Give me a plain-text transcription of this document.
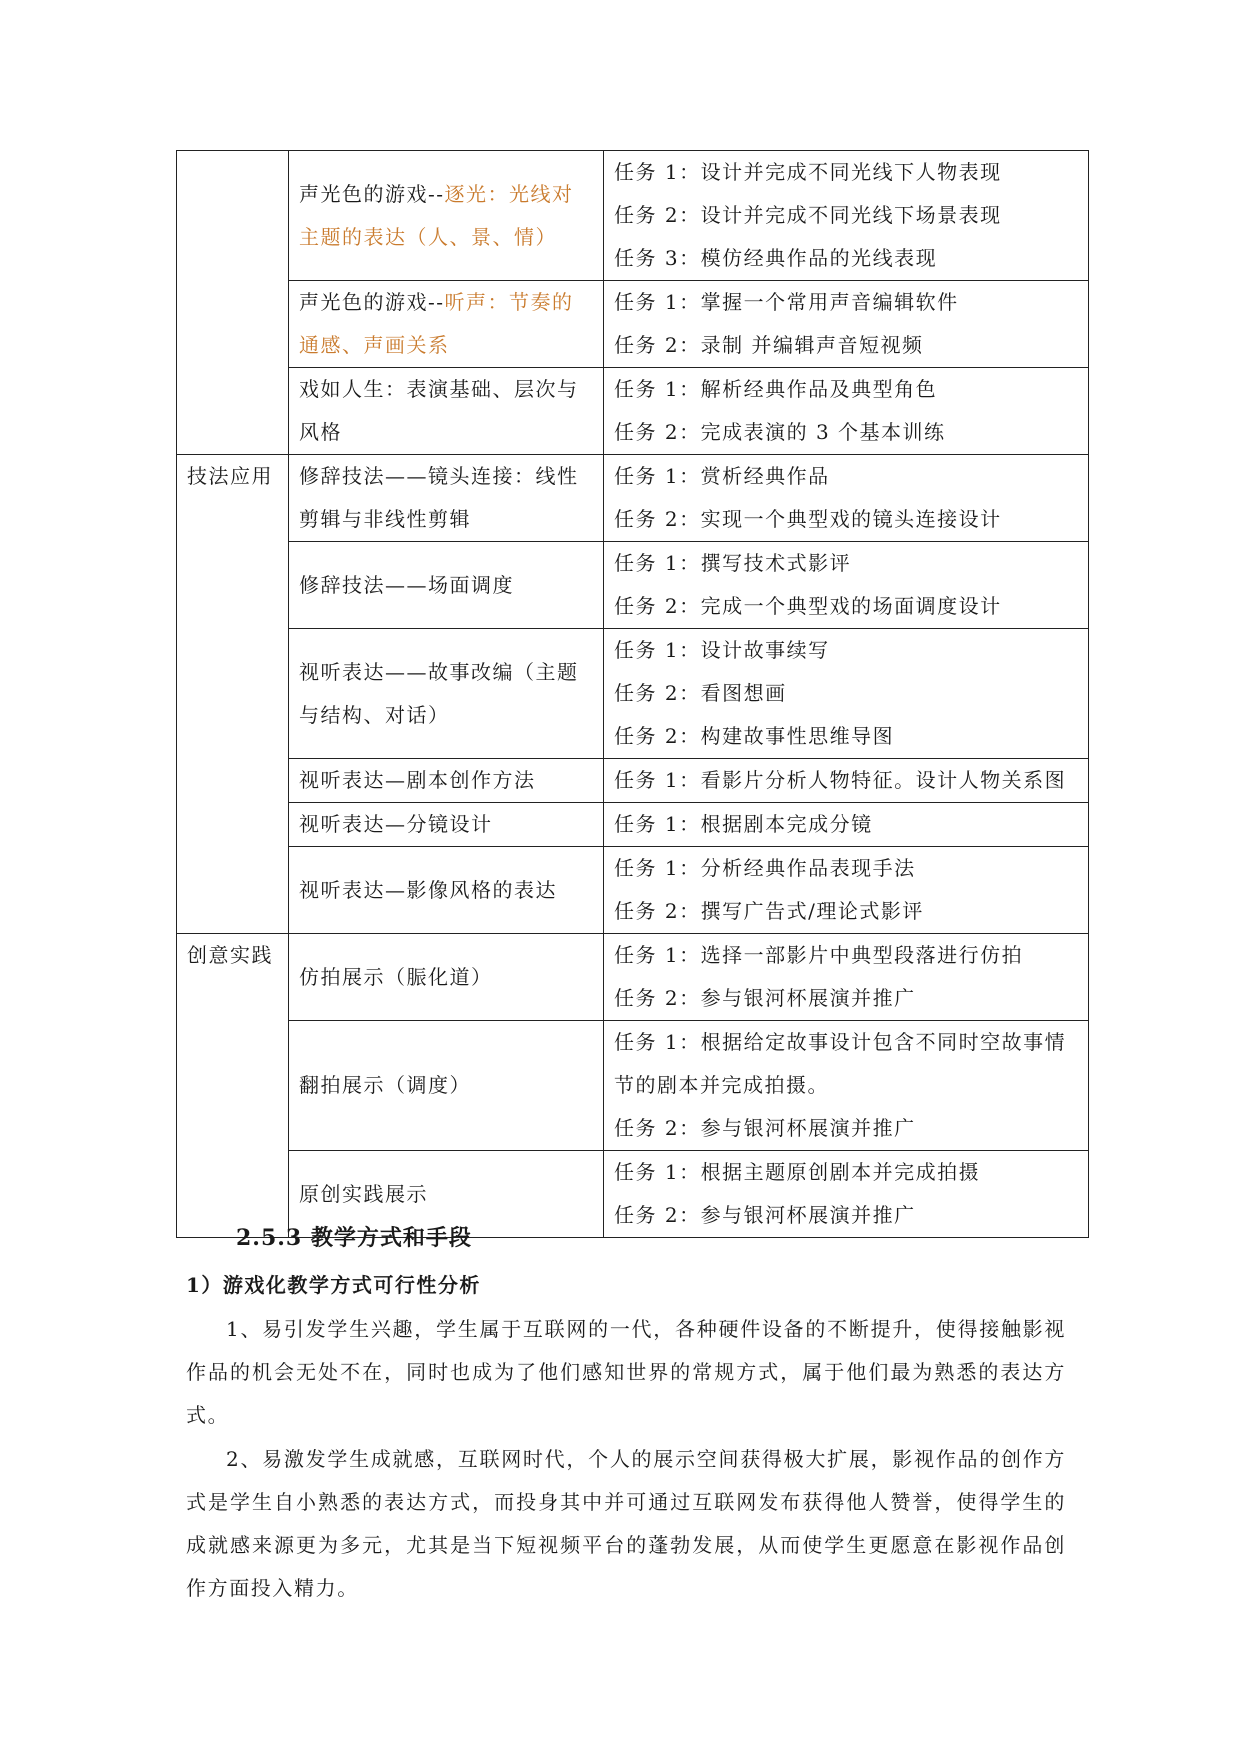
	声光色的游戏--逐光：光线对主题的表达（人、景、情）	任务 1：设计并完成不同光线下人物表现
任务 2：设计并完成不同光线下场景表现
任务 3：模仿经典作品的光线表现

	声光色的游戏--听声：节奏的通感、声画关系	任务 1：掌握一个常用声音编辑软件
任务 2：录制 并编辑声音短视频

	戏如人生：表演基础、层次与风格	任务 1：解析经典作品及典型角色
任务 2：完成表演的 3 个基本训练

技法应用	修辞技法——镜头连接：线性剪辑与非线性剪辑	任务 1：赏析经典作品
任务 2：实现一个典型戏的镜头连接设计

	修辞技法——场面调度	任务 1：撰写技术式影评
任务 2：完成一个典型戏的场面调度设计

	视听表达——故事改编（主题与结构、对话）	任务 1：设计故事续写
任务 2：看图想画
任务 2：构建故事性思维导图

	视听表达—剧本创作方法	任务 1：看影片分析人物特征。设计人物关系图

	视听表达—分镜设计	任务 1：根据剧本完成分镜

	视听表达—影像风格的表达	任务 1：分析经典作品表现手法
任务 2：撰写广告式/理论式影评

创意实践	仿拍展示（脤化道）	任务 1：选择一部影片中典型段落进行仿拍
任务 2：参与银河杯展演并推广

	翻拍展示（调度）	任务 1：根据给定故事设计包含不同时空故事情
节的剧本并完成拍摄。
任务 2：参与银河杯展演并推广

	原创实践展示	任务 1：根据主题原创剧本并完成拍摄
任务 2：参与银河杯展演并推广
2.5.3 教学方式和手段
1）游戏化教学方式可行性分析

1、易引发学生兴趣，学生属于互联网的一代，各种硬件设备的不断提升，使得接触影视作品的机会无处不在，同时也成为了他们感知世界的常规方式，属于他们最为熟悉的表达方式。

2、易激发学生成就感，互联网时代，个人的展示空间获得极大扩展，影视作品的创作方式是学生自小熟悉的表达方式，而投身其中并可通过互联网发布获得他人赞誉，使得学生的成就感来源更为多元，尤其是当下短视频平台的蓬勃发展，从而使学生更愿意在影视作品创作方面投入精力。
